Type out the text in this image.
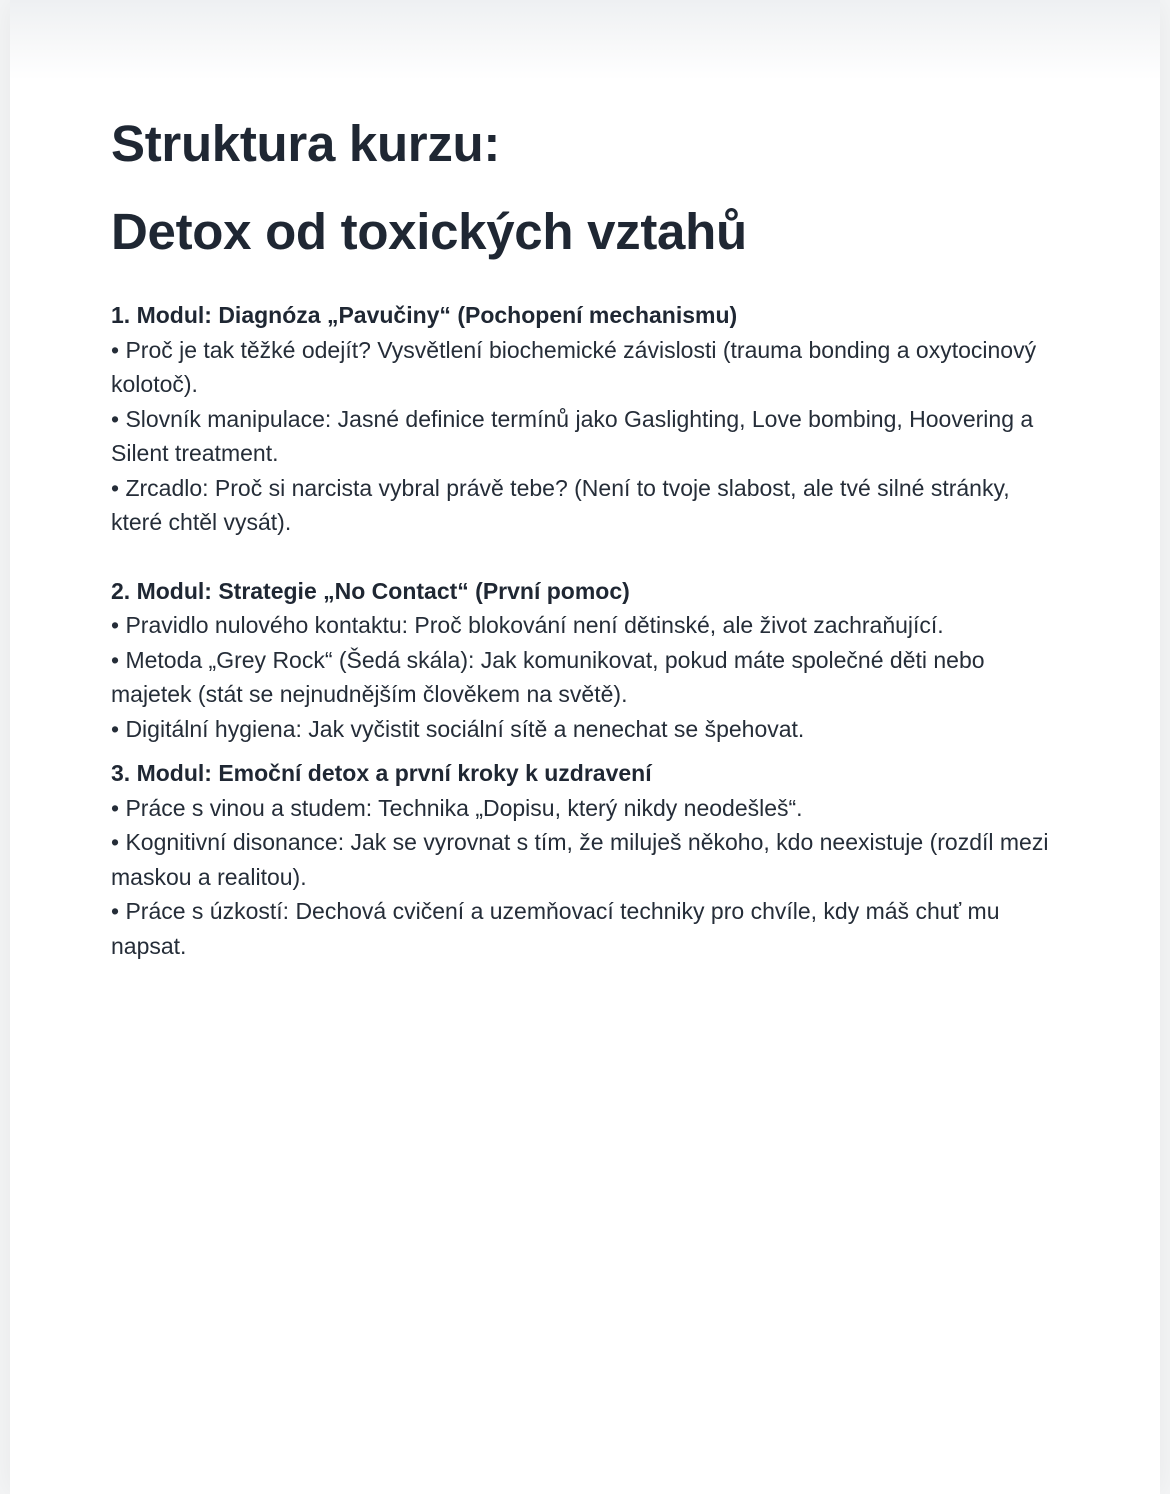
Struktura kurzu:
Detox od toxických vztahů

1. Modul: Diagnóza „Pavučiny“ (Pochopení mechanismu)

• Proč je tak těžké odejít? Vysvětlení biochemické závislosti (trauma bonding a oxytocinový kolotoč).

• Slovník manipulace: Jasné definice termínů jako Gaslighting, Love bombing, Hoovering a Silent treatment.

• Zrcadlo: Proč si narcista vybral právě tebe? (Není to tvoje slabost, ale tvé silné stránky, které chtěl vysát).

2. Modul: Strategie „No Contact“ (První pomoc)

• Pravidlo nulového kontaktu: Proč blokování není dětinské, ale život zachraňující.

• Metoda „Grey Rock“ (Šedá skála): Jak komunikovat, pokud máte společné děti nebo majetek (stát se nejnudnějším člověkem na světě).

• Digitální hygiena: Jak vyčistit sociální sítě a nenechat se špehovat.

3. Modul: Emoční detox a první kroky k uzdravení

• Práce s vinou a studem: Technika „Dopisu, který nikdy neodešleš“.

• Kognitivní disonance: Jak se vyrovnat s tím, že miluješ někoho, kdo neexistuje (rozdíl mezi maskou a realitou).

• Práce s úzkostí: Dechová cvičení a uzemňovací techniky pro chvíle, kdy máš chuť mu napsat.
